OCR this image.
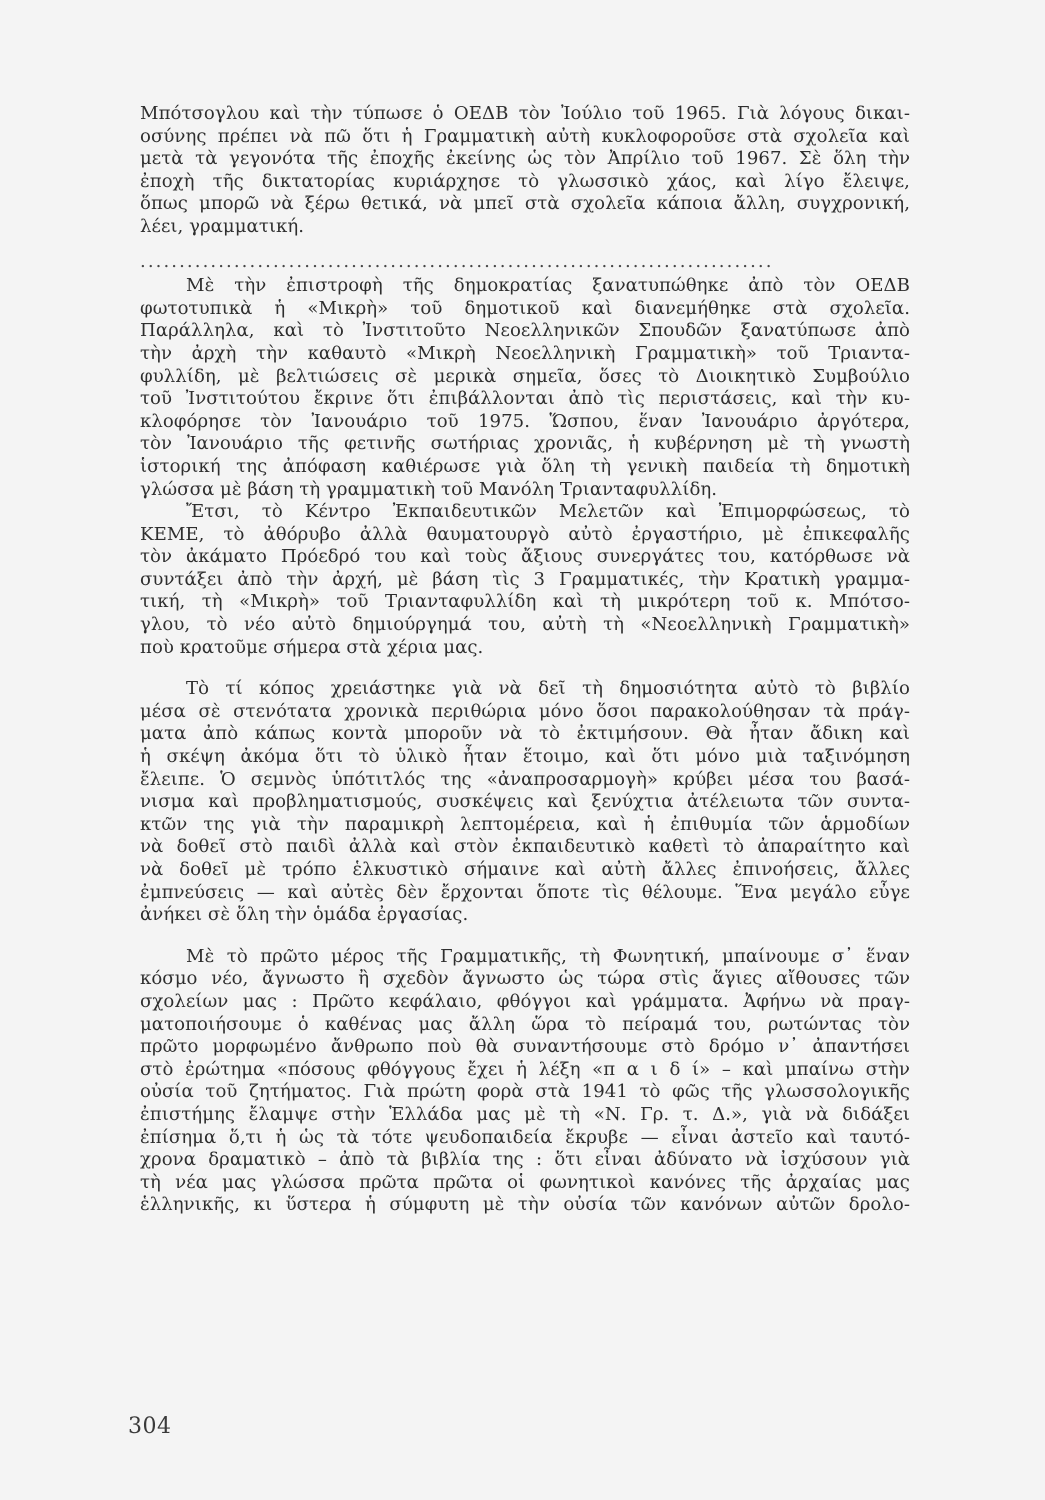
Μπότσογλου καὶ τὴν τύπωσε ὁ ΟΕΔΒ τὸν Ἰούλιο τοῦ 1965. Γιὰ λόγους δικαι-
οσύνης πρέπει νὰ πῶ ὅτι ἡ Γραμματικὴ αὐτὴ κυκλοφοροῦσε στὰ σχολεῖα καὶ
μετὰ τὰ γεγονότα τῆς ἐποχῆς ἐκείνης ὡς τὸν Ἀπρίλιο τοῦ 1967. Σὲ ὅλη τὴν
ἐποχὴ τῆς δικτατορίας κυριάρχησε τὸ γλωσσικὸ χάος, καὶ λίγο ἔλειψε,
ὅπως μπορῶ νὰ ξέρω θετικά, νὰ μπεῖ στὰ σχολεῖα κάποια ἄλλη, συγχρονική,
λέει, γραμματική.
.................................................................................
Μὲ τὴν ἐπιστροφὴ τῆς δημοκρατίας ξανατυπώθηκε ἀπὸ τὸν ΟΕΔΒ
φωτοτυπικὰ ἡ «Μικρὴ» τοῦ δημοτικοῦ καὶ διανεμήθηκε στὰ σχολεῖα.
Παράλληλα, καὶ τὸ Ἰνστιτοῦτο Νεοελληνικῶν Σπουδῶν ξανατύπωσε ἀπὸ
τὴν ἀρχὴ τὴν καθαυτὸ «Μικρὴ Νεοελληνικὴ Γραμματικὴ» τοῦ Τριαντα-
φυλλίδη, μὲ βελτιώσεις σὲ μερικὰ σημεῖα, ὅσες τὸ Διοικητικὸ Συμβούλιο
τοῦ Ἰνστιτούτου ἔκρινε ὅτι ἐπιβάλλονται ἀπὸ τὶς περιστάσεις, καὶ τὴν κυ-
κλοφόρησε τὸν Ἰανουάριο τοῦ 1975. Ὥσπου, ἕναν Ἰανουάριο ἀργότερα,
τὸν Ἰανουάριο τῆς φετινῆς σωτήριας χρονιᾶς, ἡ κυβέρνηση μὲ τὴ γνωστὴ
ἱστορική της ἀπόφαση καθιέρωσε γιὰ ὅλη τὴ γενικὴ παιδεία τὴ δημοτικὴ
γλώσσα μὲ βάση τὴ γραμματικὴ τοῦ Μανόλη Τριανταφυλλίδη.
Ἔτσι, τὸ Κέντρο Ἐκπαιδευτικῶν Μελετῶν καὶ Ἐπιμορφώσεως, τὸ
ΚΕΜΕ, τὸ ἀθόρυβο ἀλλὰ θαυματουργὸ αὐτὸ ἐργαστήριο, μὲ ἐπικεφαλῆς
τὸν ἀκάματο Πρόεδρό του καὶ τοὺς ἄξιους συνεργάτες του, κατόρθωσε νὰ
συντάξει ἀπὸ τὴν ἀρχή, μὲ βάση τὶς 3 Γραμματικές, τὴν Κρατικὴ γραμμα-
τική, τὴ «Μικρὴ» τοῦ Τριανταφυλλίδη καὶ τὴ μικρότερη τοῦ κ. Μπότσο-
γλου, τὸ νέο αὐτὸ δημιούργημά του, αὐτὴ τὴ «Νεοελληνικὴ Γραμματικὴ»
ποὺ κρατοῦμε σήμερα στὰ χέρια μας.
Τὸ τί κόπος χρειάστηκε γιὰ νὰ δεῖ τὴ δημοσιότητα αὐτὸ τὸ βιβλίο
μέσα σὲ στενότατα χρονικὰ περιθώρια μόνο ὅσοι παρακολούθησαν τὰ πράγ-
ματα ἀπὸ κάπως κοντὰ μποροῦν νὰ τὸ ἐκτιμήσουν. Θὰ ἦταν ἄδικη καὶ
ἡ σκέψη ἀκόμα ὅτι τὸ ὑλικὸ ἦταν ἕτοιμο, καὶ ὅτι μόνο μιὰ ταξινόμηση
ἔλειπε. Ὁ σεμνὸς ὑπότιτλός της «ἀναπροσαρμογὴ» κρύβει μέσα του βασά-
νισμα καὶ προβληματισμούς, συσκέψεις καὶ ξενύχτια ἀτέλειωτα τῶν συντα-
κτῶν της γιὰ τὴν παραμικρὴ λεπτομέρεια, καὶ ἡ ἐπιθυμία τῶν ἁρμοδίων
νὰ δοθεῖ στὸ παιδὶ ἀλλὰ καὶ στὸν ἐκπαιδευτικὸ καθετὶ τὸ ἀπαραίτητο καὶ
νὰ δοθεῖ μὲ τρόπο ἑλκυστικὸ σήμαινε καὶ αὐτὴ ἄλλες ἐπινοήσεις, ἄλλες
ἐμπνεύσεις — καὶ αὐτὲς δὲν ἔρχονται ὅποτε τὶς θέλουμε. Ἕνα μεγάλο εὖγε
ἀνήκει σὲ ὅλη τὴν ὁμάδα ἐργασίας.
Μὲ τὸ πρῶτο μέρος τῆς Γραμματικῆς, τὴ Φωνητική, μπαίνουμε σ᾽ ἕναν
κόσμο νέο, ἄγνωστο ἢ σχεδὸν ἄγνωστο ὡς τώρα στὶς ἅγιες αἴθουσες τῶν
σχολείων μας : Πρῶτο κεφάλαιο, φθόγγοι καὶ γράμματα. Ἀφήνω νὰ πραγ-
ματοποιήσουμε ὁ καθένας μας ἄλλη ὥρα τὸ πείραμά του, ρωτώντας τὸν
πρῶτο μορφωμένο ἄνθρωπο ποὺ θὰ συναντήσουμε στὸ δρόμο ν᾽ ἀπαντήσει
στὸ ἐρώτημα «πόσους φθόγγους ἔχει ἡ λέξη «π α ι δ ί» – καὶ μπαίνω στὴν
οὐσία τοῦ ζητήματος. Γιὰ πρώτη φορὰ στὰ 1941 τὸ φῶς τῆς γλωσσολογικῆς
ἐπιστήμης ἔλαμψε στὴν Ἑλλάδα μας μὲ τὴ «Ν. Γρ. τ. Δ.», γιὰ νὰ διδάξει
ἐπίσημα ὅ,τι ἡ ὡς τὰ τότε ψευδοπαιδεία ἔκρυβε — εἶναι ἀστεῖο καὶ ταυτό-
χρονα δραματικὸ – ἀπὸ τὰ βιβλία της : ὅτι εἶναι ἀδύνατο νὰ ἰσχύσουν γιὰ
τὴ νέα μας γλώσσα πρῶτα πρῶτα οἱ φωνητικοὶ κανόνες τῆς ἀρχαίας μας
ἑλληνικῆς, κι ὕστερα ἡ σύμφυτη μὲ τὴν οὐσία τῶν κανόνων αὐτῶν δρολο-
304
